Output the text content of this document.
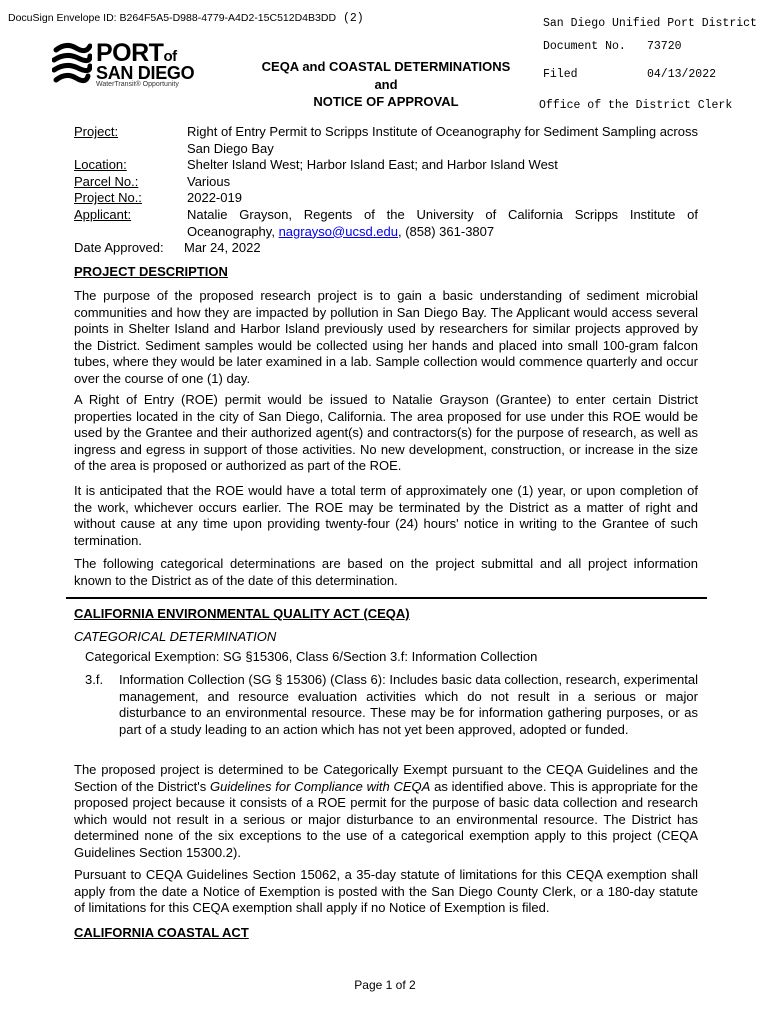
DocuSign Envelope ID: B264F5A5-D988-4779-A4D2-15C512D4B3DD (2)	San Diego Unified Port District
Document No. 73720
Filed	04/13/2022
Office of the District Clerk
PORTof
SAN DIEGO
WaterTransit® Opportunity
CEQA and COASTAL DETERMINATIONS
and
NOTICE OF APPROVAL
Project:	Right of Entry Permit to Scripps Institute of Oceanography for Sediment Sampling across San Diego Bay
Location:	Shelter Island West; Harbor Island East; and Harbor Island West
Parcel No.:	Various
Project No.:	2022-019
Applicant:	Natalie Grayson, Regents of the University of California Scripps Institute of Oceanography, nagrayso@ucsd.edu, (858) 361-3807
Date Approved: Mar 24, 2022
PROJECT DESCRIPTION
The purpose of the proposed research project is to gain a basic understanding of sediment microbial communities and how they are impacted by pollution in San Diego Bay. The Applicant would access several points in Shelter Island and Harbor Island previously used by researchers for similar projects approved by the District. Sediment samples would be collected using her hands and placed into small 100-gram falcon tubes, where they would be later examined in a lab. Sample collection would commence quarterly and occur over the course of one (1) day.
A Right of Entry (ROE) permit would be issued to Natalie Grayson (Grantee) to enter certain District properties located in the city of San Diego, California. The area proposed for use under this ROE would be used by the Grantee and their authorized agent(s) and contractors(s) for the purpose of research, as well as ingress and egress in support of those activities. No new development, construction, or increase in the size of the area is proposed or authorized as part of the ROE.
It is anticipated that the ROE would have a total term of approximately one (1) year, or upon completion of the work, whichever occurs earlier. The ROE may be terminated by the District as a matter of right and without cause at any time upon providing twenty-four (24) hours' notice in writing to the Grantee of such termination.
The following categorical determinations are based on the project submittal and all project information known to the District as of the date of this determination.
CALIFORNIA ENVIRONMENTAL QUALITY ACT (CEQA)
CATEGORICAL DETERMINATION
Categorical Exemption: SG §15306, Class 6/Section 3.f: Information Collection
3.f. Information Collection (SG § 15306) (Class 6): Includes basic data collection, research, experimental management, and resource evaluation activities which do not result in a serious or major disturbance to an environmental resource. These may be for information gathering purposes, or as part of a study leading to an action which has not yet been approved, adopted or funded.
The proposed project is determined to be Categorically Exempt pursuant to the CEQA Guidelines and the Section of the District's Guidelines for Compliance with CEQA as identified above. This is appropriate for the proposed project because it consists of a ROE permit for the purpose of basic data collection and research which would not result in a serious or major disturbance to an environmental resource. The District has determined none of the six exceptions to the use of a categorical exemption apply to this project (CEQA Guidelines Section 15300.2).
Pursuant to CEQA Guidelines Section 15062, a 35-day statute of limitations for this CEQA exemption shall apply from the date a Notice of Exemption is posted with the San Diego County Clerk, or a 180-day statute of limitations for this CEQA exemption shall apply if no Notice of Exemption is filed.
CALIFORNIA COASTAL ACT
Page 1 of 2
